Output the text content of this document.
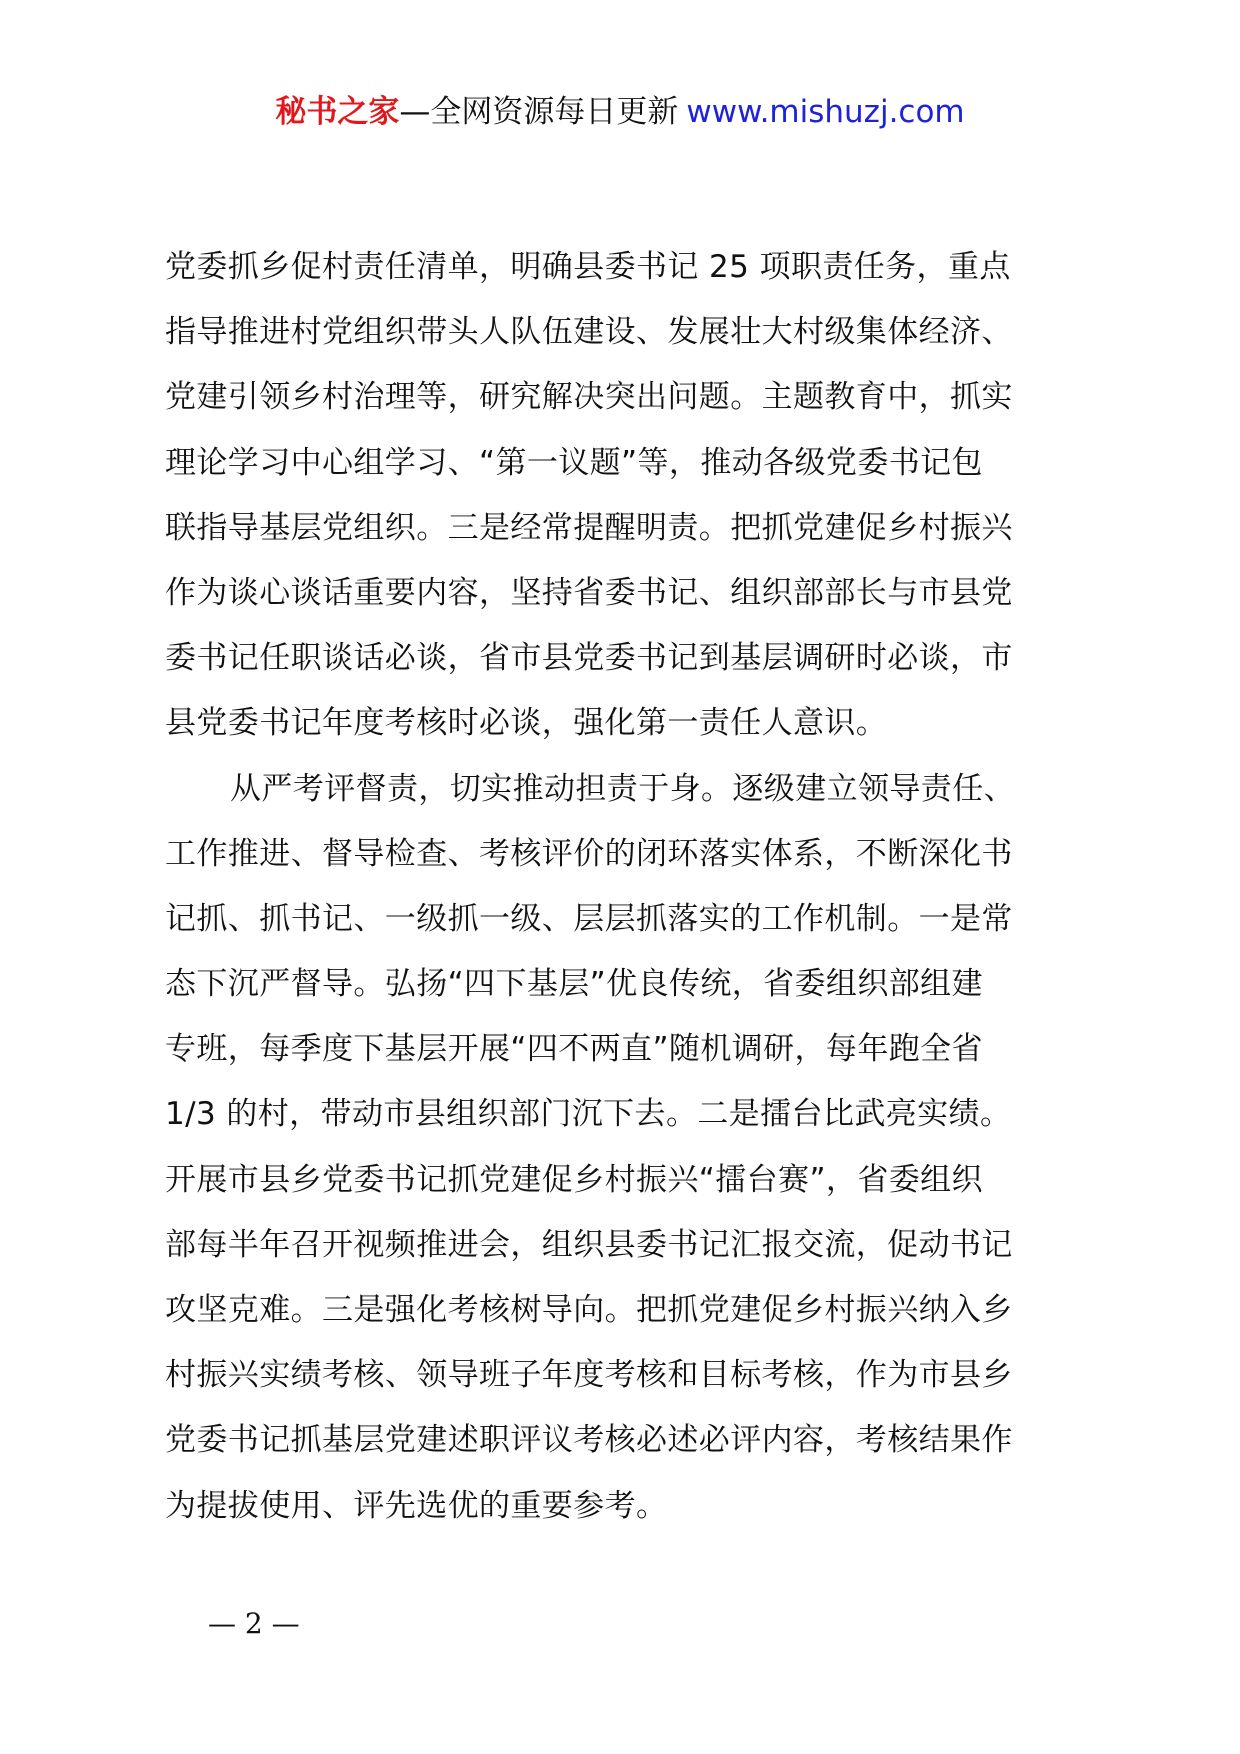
秘书之家—全网资源每日更新 www.mishuzj.com
党委抓乡促村责任清单，明确县委书记 25 项职责任务，重点
指导推进村党组织带头人队伍建设、发展壮大村级集体经济、
党建引领乡村治理等，研究解决突出问题。主题教育中，抓实
理论学习中心组学习、“第一议题”等，推动各级党委书记包
联指导基层党组织。三是经常提醒明责。把抓党建促乡村振兴
作为谈心谈话重要内容，坚持省委书记、组织部部长与市县党
委书记任职谈话必谈，省市县党委书记到基层调研时必谈，市
县党委书记年度考核时必谈，强化第一责任人意识。
从严考评督责，切实推动担责于身。逐级建立领导责任、
工作推进、督导检查、考核评价的闭环落实体系，不断深化书
记抓、抓书记、一级抓一级、层层抓落实的工作机制。一是常
态下沉严督导。弘扬“四下基层”优良传统，省委组织部组建
专班，每季度下基层开展“四不两直”随机调研，每年跑全省
1/3 的村，带动市县组织部门沉下去。二是擂台比武亮实绩。
开展市县乡党委书记抓党建促乡村振兴“擂台赛”，省委组织
部每半年召开视频推进会，组织县委书记汇报交流，促动书记
攻坚克难。三是强化考核树导向。把抓党建促乡村振兴纳入乡
村振兴实绩考核、领导班子年度考核和目标考核，作为市县乡
党委书记抓基层党建述职评议考核必述必评内容，考核结果作
为提拔使用、评先选优的重要参考。
— 2 —
